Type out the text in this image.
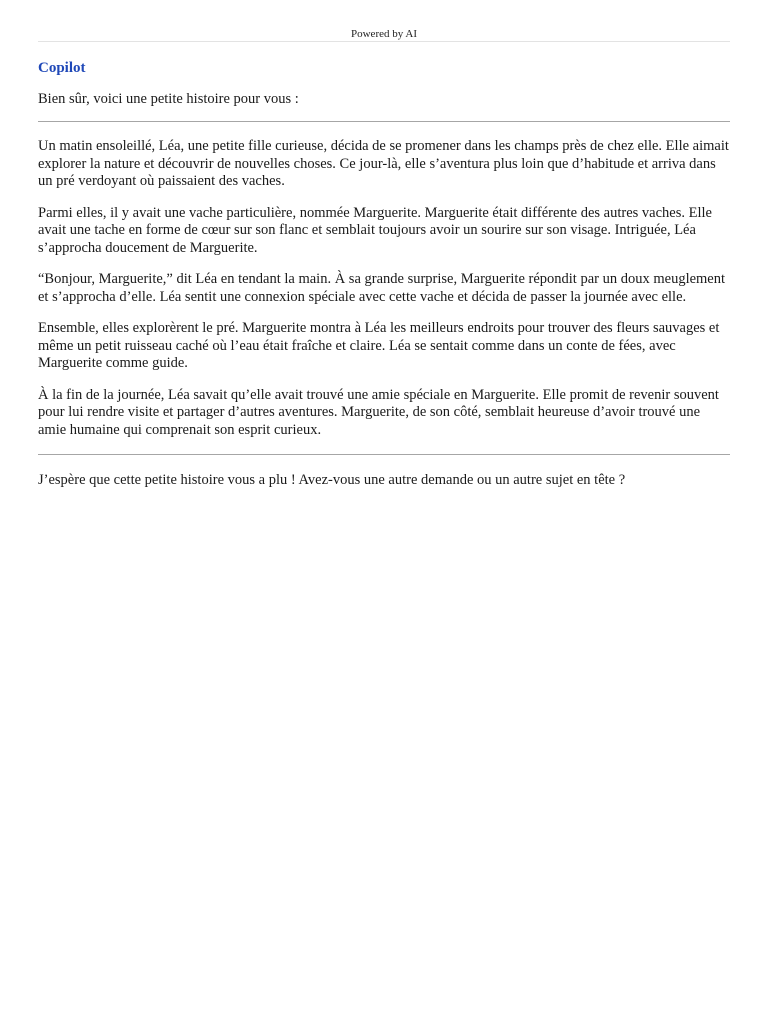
Powered by AI
Copilot
Bien sûr, voici une petite histoire pour vous :

Un matin ensoleillé, Léa, une petite fille curieuse, décida de se promener dans les champs près de chez elle. Elle aimait explorer la nature et découvrir de nouvelles choses. Ce jour-là, elle s’aventura plus loin que d’habitude et arriva dans un pré verdoyant où paissaient des vaches.

Parmi elles, il y avait une vache particulière, nommée Marguerite. Marguerite était différente des autres vaches. Elle avait une tache en forme de cœur sur son flanc et semblait toujours avoir un sourire sur son visage. Intriguée, Léa s’approcha doucement de Marguerite.

“Bonjour, Marguerite,” dit Léa en tendant la main. À sa grande surprise, Marguerite répondit par un doux meuglement et s’approcha d’elle. Léa sentit une connexion spéciale avec cette vache et décida de passer la journée avec elle.

Ensemble, elles explorèrent le pré. Marguerite montra à Léa les meilleurs endroits pour trouver des fleurs sauvages et même un petit ruisseau caché où l’eau était fraîche et claire. Léa se sentait comme dans un conte de fées, avec Marguerite comme guide.

À la fin de la journée, Léa savait qu’elle avait trouvé une amie spéciale en Marguerite. Elle promit de revenir souvent pour lui rendre visite et partager d’autres aventures. Marguerite, de son côté, semblait heureuse d’avoir trouvé une amie humaine qui comprenait son esprit curieux.

J’espère que cette petite histoire vous a plu ! Avez-vous une autre demande ou un autre sujet en tête ?
